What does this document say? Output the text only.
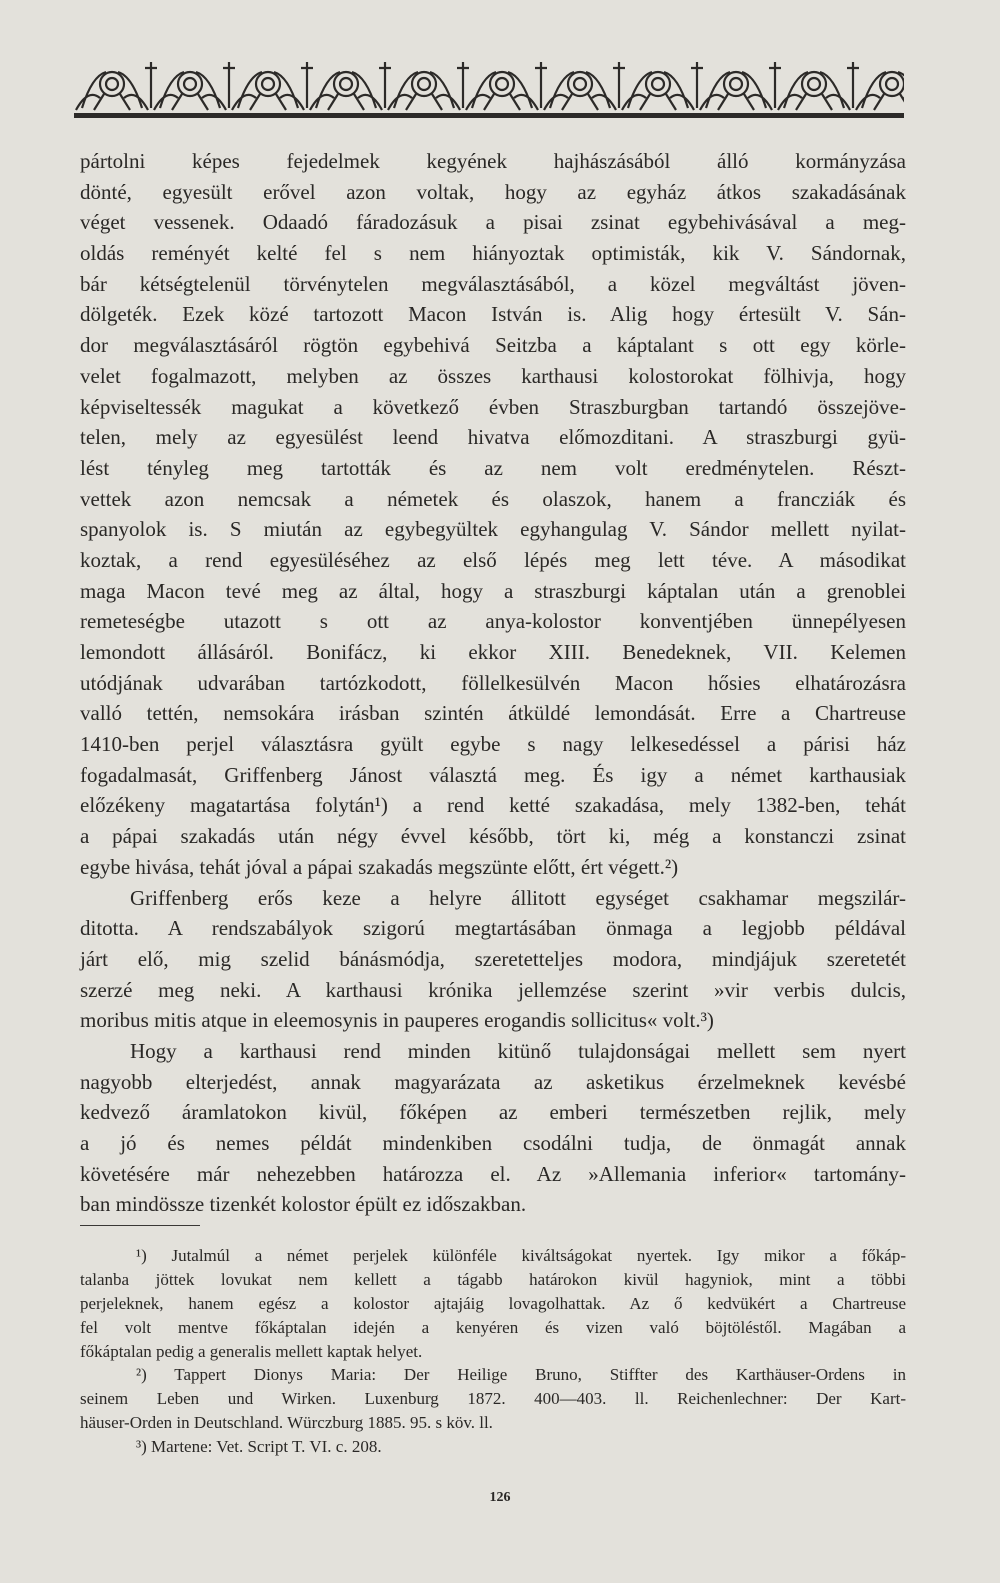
pártolni képes fejedelmek kegyének hajhászásából álló kormányzása
dönté, egyesült erővel azon voltak, hogy az egyház átkos szakadásának
véget vessenek. Odaadó fáradozásuk a pisai zsinat egybehivásával a meg-
oldás reményét kelté fel s nem hiányoztak optimisták, kik V. Sándornak,
bár kétségtelenül törvénytelen megválasztásából, a közel megváltást jöven-
dölgeték. Ezek közé tartozott Macon István is. Alig hogy értesült V. Sán-
dor megválasztásáról rögtön egybehivá Seitzba a káptalant s ott egy körle-
velet fogalmazott, melyben az összes karthausi kolostorokat fölhivja, hogy
képviseltessék magukat a következő évben Straszburgban tartandó összejöve-
telen, mely az egyesülést leend hivatva előmozditani. A straszburgi gyü-
lést tényleg meg tartották és az nem volt eredménytelen. Részt-
vettek azon nemcsak a németek és olaszok, hanem a francziák és
spanyolok is. S miután az egybegyültek egyhangulag V. Sándor mellett nyilat-
koztak, a rend egyesüléséhez az első lépés meg lett téve. A másodikat
maga Macon tevé meg az által, hogy a straszburgi káptalan után a grenoblei
remeteségbe utazott s ott az anya-kolostor konventjében ünnepélyesen
lemondott állásáról. Bonifácz, ki ekkor XIII. Benedeknek, VII. Kelemen
utódjának udvarában tartózkodott, föllelkesülvén Macon hősies elhatározásra
valló tettén, nemsokára irásban szintén átküldé lemondását. Erre a Chartreuse
1410-ben perjel választásra gyült egybe s nagy lelkesedéssel a párisi ház
fogadalmasát, Griffenberg Jánost választá meg. És igy a német karthausiak
előzékeny magatartása folytán¹) a rend ketté szakadása, mely 1382-ben, tehát
a pápai szakadás után négy évvel később, tört ki, még a konstanczi zsinat
egybe hivása, tehát jóval a pápai szakadás megszünte előtt, ért végett.²)
Griffenberg erős keze a helyre állitott egységet csakhamar megszilár-
ditotta. A rendszabályok szigorú megtartásában önmaga a legjobb példával
járt elő, mig szelid bánásmódja, szeretetteljes modora, mindjájuk szeretetét
szerzé meg neki. A karthausi krónika jellemzése szerint »vir verbis dulcis,
moribus mitis atque in eleemosynis in pauperes erogandis sollicitus« volt.³)
Hogy a karthausi rend minden kitünő tulajdonságai mellett sem nyert
nagyobb elterjedést, annak magyarázata az asketikus érzelmeknek kevésbé
kedvező áramlatokon kivül, főképen az emberi természetben rejlik, mely
a jó és nemes példát mindenkiben csodálni tudja, de önmagát annak
követésére már nehezebben határozza el. Az »Allemania inferior« tartomány-
ban mindössze tizenkét kolostor épült ez időszakban.
¹) Jutalmúl a német perjelek különféle kiváltságokat nyertek. Igy mikor a főkáp-
talanba jöttek lovukat nem kellett a tágabb határokon kivül hagyniok, mint a többi
perjeleknek, hanem egész a kolostor ajtajáig lovagolhattak. Az ő kedvükért a Chartreuse
fel volt mentve főkáptalan idején a kenyéren és vizen való böjtöléstől. Magában a
főkáptalan pedig a generalis mellett kaptak helyet.
²) Tappert Dionys Maria: Der Heilige Bruno, Stiffter des Karthäuser-Ordens in
seinem Leben und Wirken. Luxenburg 1872. 400—403. ll. Reichenlechner: Der Kart-
häuser-Orden in Deutschland. Würczburg 1885. 95. s köv. ll.
³) Martene: Vet. Script T. VI. c. 208.
126
